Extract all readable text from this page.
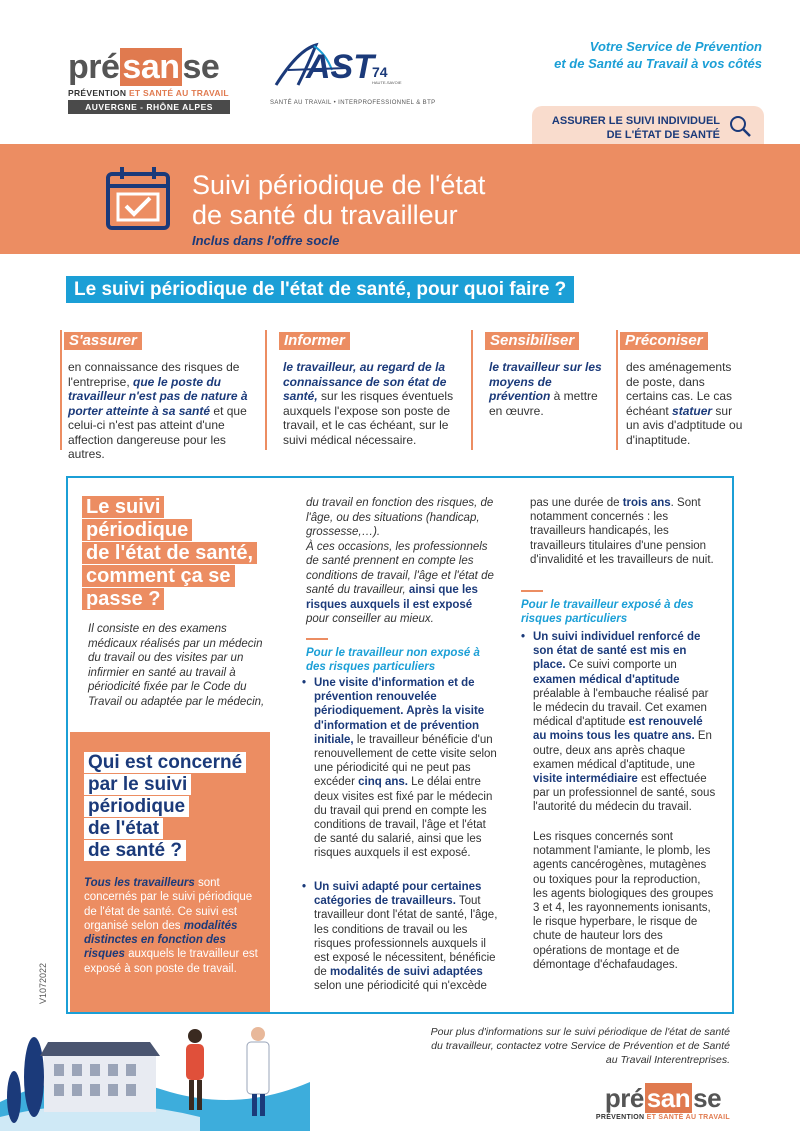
présanse
PRÉVENTION ET SANTÉ AU TRAVAIL
AUVERGNE - RHÔNE ALPES
AST
74
HAUTE-SAVOIE
SANTÉ AU TRAVAIL • INTERPROFESSIONNEL & BTP
Votre Service de Prévention
et de Santé au Travail à vos côtés
ASSURER LE SUIVI INDIVIDUEL
DE L'ÉTAT DE SANTÉ
Suivi périodique de l'état
de santé du travailleur
Inclus dans l'offre socle
Le suivi périodique de l'état de santé, pour quoi faire ?
S'assurer
en connaissance des risques de l'entreprise, que le poste du travailleur n'est pas de nature à porter atteinte à sa santé et que celui-ci n'est pas atteint d'une affection dangereuse pour les autres.
Informer
le travailleur, au regard de la connaissance de son état de santé, sur les risques éventuels auxquels l'expose son poste de travail, et le cas échéant, sur le suivi médical nécessaire.
Sensibiliser
le travailleur sur les moyens de prévention à mettre en œuvre.
Préconiser
des aménagements de poste, dans certains cas. Le cas échéant statuer sur un avis d'adptitude ou d'inaptitude.
Le suivi
périodique
de l'état de santé,
comment ça se
passe ?
Il consiste en des examens médicaux réalisés par un médecin du travail ou des visites par un infirmier en santé au travail à périodicité fixée par le Code du Travail ou adaptée par le médecin,
du travail en fonction des risques, de l'âge, ou des situations (handicap, grossesse,…).
À ces occasions, les professionnels de santé prennent en compte les conditions de travail, l'âge et l'état de santé du travailleur, ainsi que les risques auxquels il est exposé pour conseiller au mieux.
Pour le travailleur non exposé à des risques particuliers
• Une visite d'information et de prévention renouvelée périodiquement. Après la visite d'information et de prévention initiale, le travailleur bénéficie d'un renouvellement de cette visite selon une périodicité qui ne peut pas excéder cinq ans. Le délai entre deux visites est fixé par le médecin du travail qui prend en compte les conditions de travail, l'âge et l'état de santé du salarié, ainsi que les risques auxquels il est exposé.
• Un suivi adapté pour certaines catégories de travailleurs. Tout travailleur dont l'état de santé, l'âge, les conditions de travail ou les risques professionnels auxquels il est exposé le nécessitent, bénéficie de modalités de suivi adaptées selon une périodicité qui n'excède
pas une durée de trois ans. Sont notamment concernés : les travailleurs handicapés, les travailleurs titulaires d'une pension d'invalidité et les travailleurs de nuit.
Pour le travailleur exposé à des risques particuliers
• Un suivi individuel renforcé de son état de santé est mis en place. Ce suivi comporte un examen médical d'aptitude préalable à l'embauche réalisé par le médecin du travail. Cet examen médical d'aptitude est renouvelé au moins tous les quatre ans. En outre, deux ans après chaque examen médical d'aptitude, une visite intermédiaire est effectuée par un professionnel de santé, sous l'autorité du médecin du travail.
Les risques concernés sont notamment l'amiante, le plomb, les agents cancérogènes, mutagènes ou toxiques pour la reproduction, les agents biologiques des groupes 3 et 4, les rayonnements ionisants, le risque hyperbare, le risque de chute de hauteur lors des opérations de montage et de démontage d'échafaudages.
Qui est concerné
par le suivi
périodique
de l'état
de santé ?
Tous les travailleurs sont concernés par le suivi périodique de l'état de santé. Ce suivi est organisé selon des modalités distinctes en fonction des risques auxquels le travailleur est exposé à son poste de travail.
V1072022
Pour plus d'informations sur le suivi périodique de l'état de santé
du travailleur, contactez votre Service de Prévention et de Santé
au Travail Interentreprises.
pré san se
PRÉVENTION ET SANTÉ AU TRAVAIL
